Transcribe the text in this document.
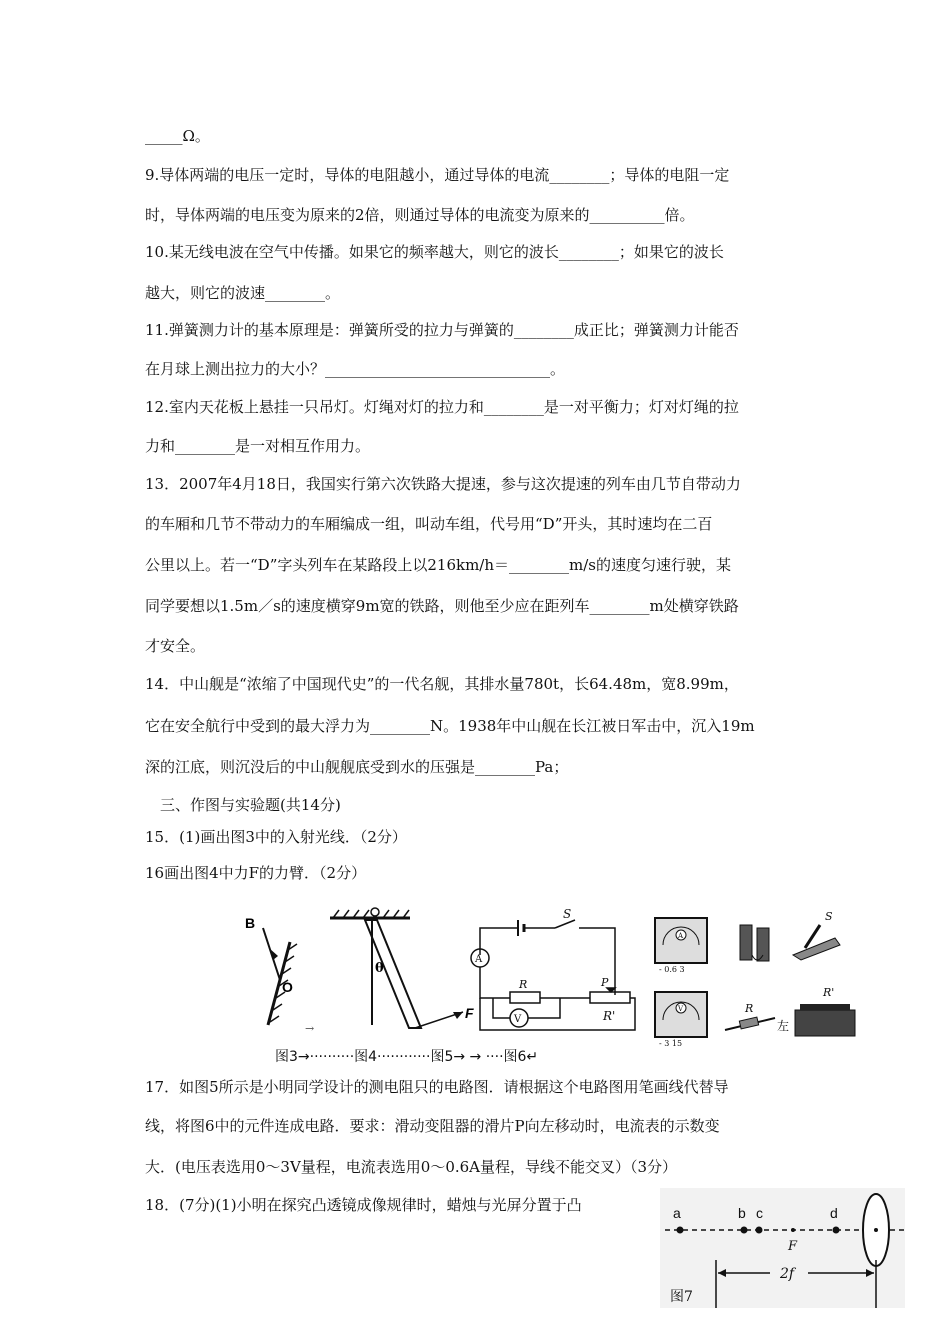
_____Ω。
9.导体两端的电压一定时，导体的电阻越小，通过导体的电流________；导体的电阻一定
时，导体两端的电压变为原来的2倍，则通过导体的电流变为原来的__________倍。
10.某无线电波在空气中传播。如果它的频率越大，则它的波长________；如果它的波长
越大，则它的波速________。
11.弹簧测力计的基本原理是：弹簧所受的拉力与弹簧的________成正比；弹簧测力计能否
在月球上测出拉力的大小？______________________________。
12.室内天花板上悬挂一只吊灯。灯绳对灯的拉力和________是一对平衡力；灯对灯绳的拉
力和________是一对相互作用力。
13．2007年4月18日，我国实行第六次铁路大提速，参与这次提速的列车由几节自带动力
的车厢和几节不带动力的车厢编成一组，叫动车组，代号用“D”开头，其时速均在二百
公里以上。若一“D”字头列车在某路段上以216km/h＝________m/s的速度匀速行驶，某
同学要想以1.5m／s的速度横穿9m宽的铁路，则他至少应在距列车________m处横穿铁路
才安全。
14．中山舰是“浓缩了中国现代史”的一代名舰，其排水量780t，长64.48m，宽8.99m，
它在安全航行中受到的最大浮力为________N。1938年中山舰在长江被日军击中，沉入19m
深的江底，则沉没后的中山舰舰底受到水的压强是________Pa；
三、作图与实验题(共14分)
15．(1)画出图3中的入射光线．（2分）
16画出图4中力F的力臂．（2分）
17．如图5所示是小明同学设计的测电阻只的电路图．请根据这个电路图用笔画线代替导
线，将图6中的元件连成电路．要求：滑动变阻器的滑片P向左移动时，电流表的示数变
大．(电压表选用0～3V量程，电流表选用0～0.6A量程，导线不能交叉）（3分）
18．(7分)(1)小明在探究凸透镜成像规律时，蜡烛与光屏分置于凸
B
O
θ
F
A
S
R	P
R'
V
A
- 0.6 3
V
- 3 15
S
R
左
R'
→
图3→··········图4············图5→ → ····图6↵
a	b c	d
F
2f
图7
